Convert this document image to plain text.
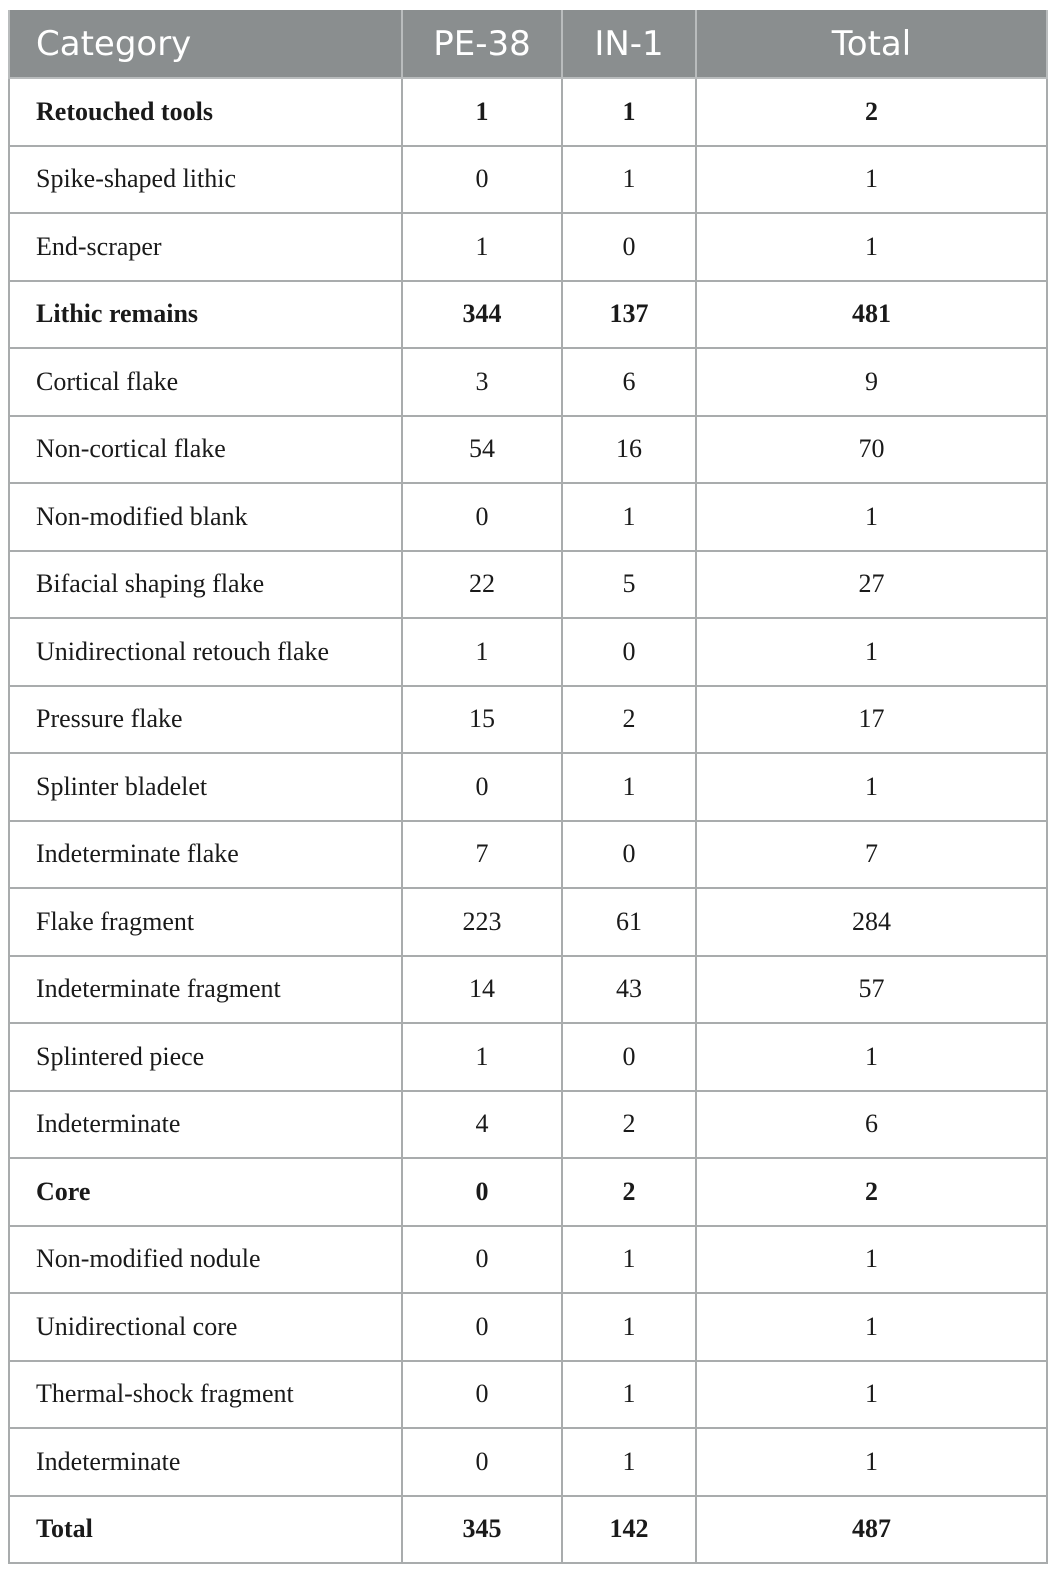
Category	PE-38	IN-1	Total
Retouched tools	1	1	2
Spike-shaped lithic	0	1	1
End-scraper	1	0	1
Lithic remains	344	137	481
Cortical flake	3	6	9
Non-cortical flake	54	16	70
Non-modified blank	0	1	1
Bifacial shaping flake	22	5	27
Unidirectional retouch flake	1	0	1
Pressure flake	15	2	17
Splinter bladelet	0	1	1
Indeterminate flake	7	0	7
Flake fragment	223	61	284
Indeterminate fragment	14	43	57
Splintered piece	1	0	1
Indeterminate	4	2	6
Core	0	2	2
Non-modified nodule	0	1	1
Unidirectional core	0	1	1
Thermal-shock fragment	0	1	1
Indeterminate	0	1	1
Total	345	142	487
